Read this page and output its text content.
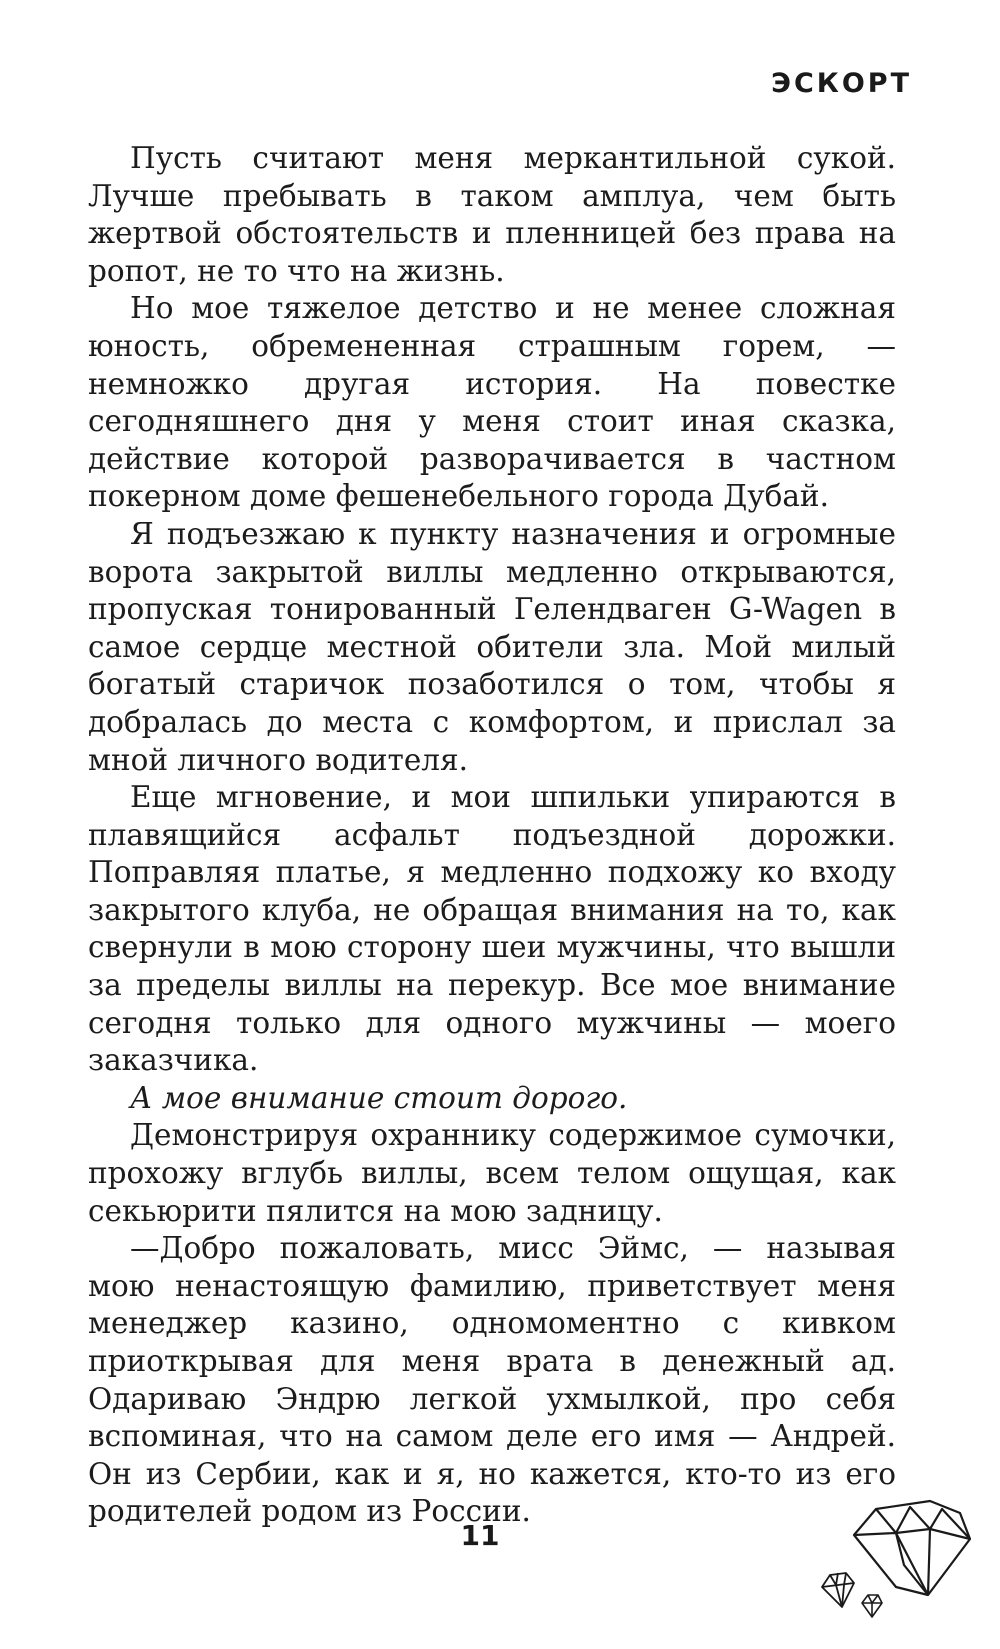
ЭСКОРТ

Пусть считают меня меркантильной сукой. Лучше пребывать в таком амплуа, чем быть жертвой обстоятельств и пленницей без права на ропот, не то что на жизнь.

Но мое тяжелое детство и не менее сложная юность, обремененная страшным горем, — немножко другая история. На повестке сегодняшнего дня у меня стоит иная сказка, действие которой разворачивается в частном покерном доме фешенебельного города Дубай.

Я подъезжаю к пункту назначения и огромные ворота закрытой виллы медленно открываются, пропуская тонированный Гелендваген G-Wagen в самое сердце местной обители зла. Мой милый богатый старичок позаботился о том, чтобы я добралась до места с комфортом, и прислал за мной личного водителя.

Еще мгновение, и мои шпильки упираются в плавящийся асфальт подъездной дорожки. Поправляя платье, я медленно подхожу ко входу закрытого клуба, не обращая внимания на то, как свернули в мою сторону шеи мужчины, что вышли за пределы виллы на перекур. Все мое внимание сегодня только для одного мужчины — моего заказчика.

А мое внимание стоит дорого.

Демонстрируя охраннику содержимое сумочки, прохожу вглубь виллы, всем телом ощущая, как секьюрити пялится на мою задницу.

—Добро пожаловать, мисс Эймс, — называя мою ненастоящую фамилию, приветствует меня менеджер казино, одномоментно с кивком приоткрывая для меня врата в денежный ад. Одариваю Эндрю легкой ухмылкой, про себя вспоминая, что на самом деле его имя — Андрей. Он из Сербии, как и я, но кажется, кто-то из его родителей родом из России.

11
